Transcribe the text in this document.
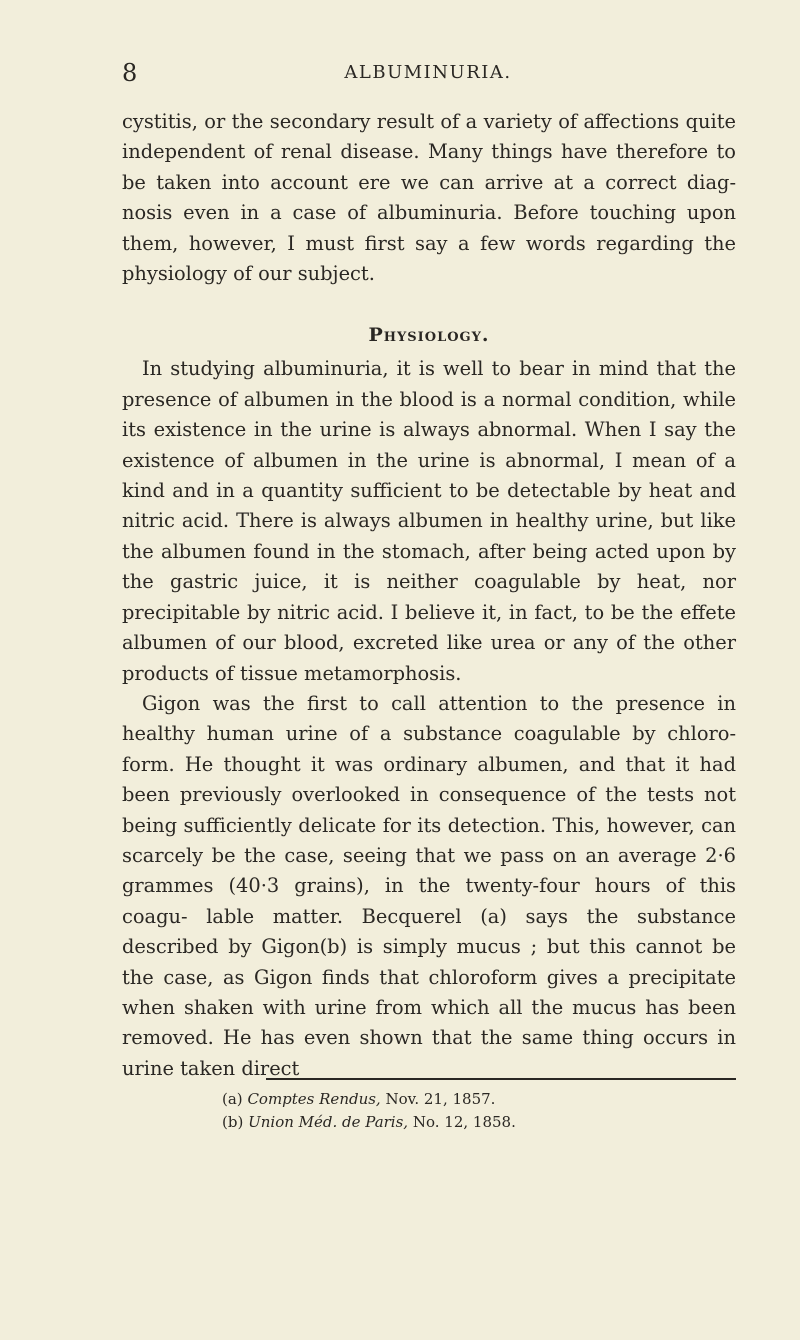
8	ALBUMINURIA.

cystitis, or the secondary result of a variety of affections quite independent of renal disease. Many things have therefore to be taken into account ere we can arrive at a correct diag- nosis even in a case of albuminuria. Before touching upon them, however, I must first say a few words regarding the physiology of our subject.

Physiology.

In studying albuminuria, it is well to bear in mind that the presence of albumen in the blood is a normal condition, while its existence in the urine is always abnormal. When I say the existence of albumen in the urine is abnormal, I mean of a kind and in a quantity sufficient to be detectable by heat and nitric acid. There is always albumen in healthy urine, but like the albumen found in the stomach, after being acted upon by the gastric juice, it is neither coagulable by heat, nor precipitable by nitric acid. I believe it, in fact, to be the effete albumen of our blood, excreted like urea or any of the other products of tissue metamorphosis.

Gigon was the first to call attention to the presence in healthy human urine of a substance coagulable by chloro- form. He thought it was ordinary albumen, and that it had been previously overlooked in consequence of the tests not being sufficiently delicate for its detection. This, however, can scarcely be the case, seeing that we pass on an average 2·6 grammes (40·3 grains), in the twenty-four hours of this coagu- lable matter. Becquerel (a) says the substance described by Gigon(b) is simply mucus ; but this cannot be the case, as Gigon finds that chloroform gives a precipitate when shaken with urine from which all the mucus has been removed. He has even shown that the same thing occurs in urine taken direct

(a) Comptes Rendus, Nov. 21, 1857.

(b) Union Méd. de Paris, No. 12, 1858.
